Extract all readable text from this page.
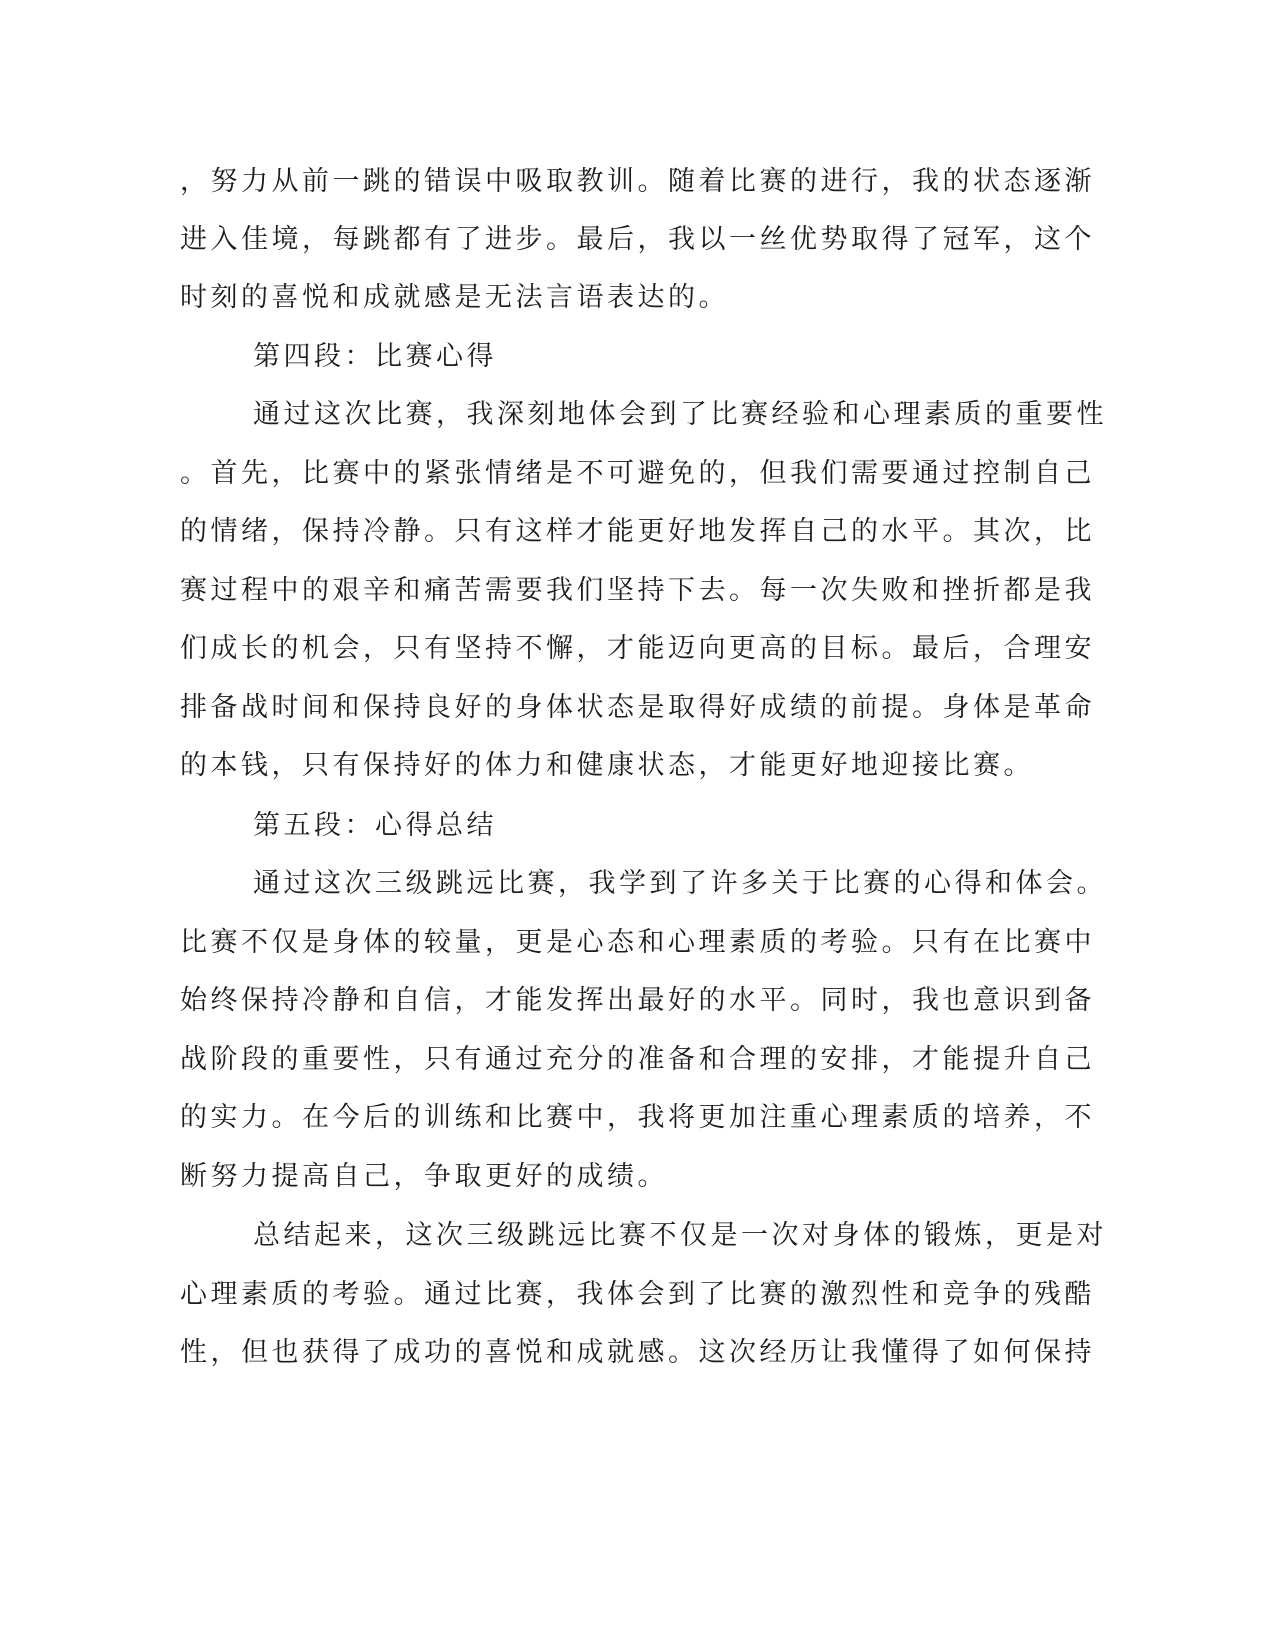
，努力从前一跳的错误中吸取教训。随着比赛的进行，我的状态逐渐
进入佳境，每跳都有了进步。最后，我以一丝优势取得了冠军，这个
时刻的喜悦和成就感是无法言语表达的。
第四段：比赛心得
通过这次比赛，我深刻地体会到了比赛经验和心理素质的重要性
。首先，比赛中的紧张情绪是不可避免的，但我们需要通过控制自己
的情绪，保持冷静。只有这样才能更好地发挥自己的水平。其次，比
赛过程中的艰辛和痛苦需要我们坚持下去。每一次失败和挫折都是我
们成长的机会，只有坚持不懈，才能迈向更高的目标。最后，合理安
排备战时间和保持良好的身体状态是取得好成绩的前提。身体是革命
的本钱，只有保持好的体力和健康状态，才能更好地迎接比赛。
第五段：心得总结
通过这次三级跳远比赛，我学到了许多关于比赛的心得和体会。
比赛不仅是身体的较量，更是心态和心理素质的考验。只有在比赛中
始终保持冷静和自信，才能发挥出最好的水平。同时，我也意识到备
战阶段的重要性，只有通过充分的准备和合理的安排，才能提升自己
的实力。在今后的训练和比赛中，我将更加注重心理素质的培养，不
断努力提高自己，争取更好的成绩。
总结起来，这次三级跳远比赛不仅是一次对身体的锻炼，更是对
心理素质的考验。通过比赛，我体会到了比赛的激烈性和竞争的残酷
性，但也获得了成功的喜悦和成就感。这次经历让我懂得了如何保持
